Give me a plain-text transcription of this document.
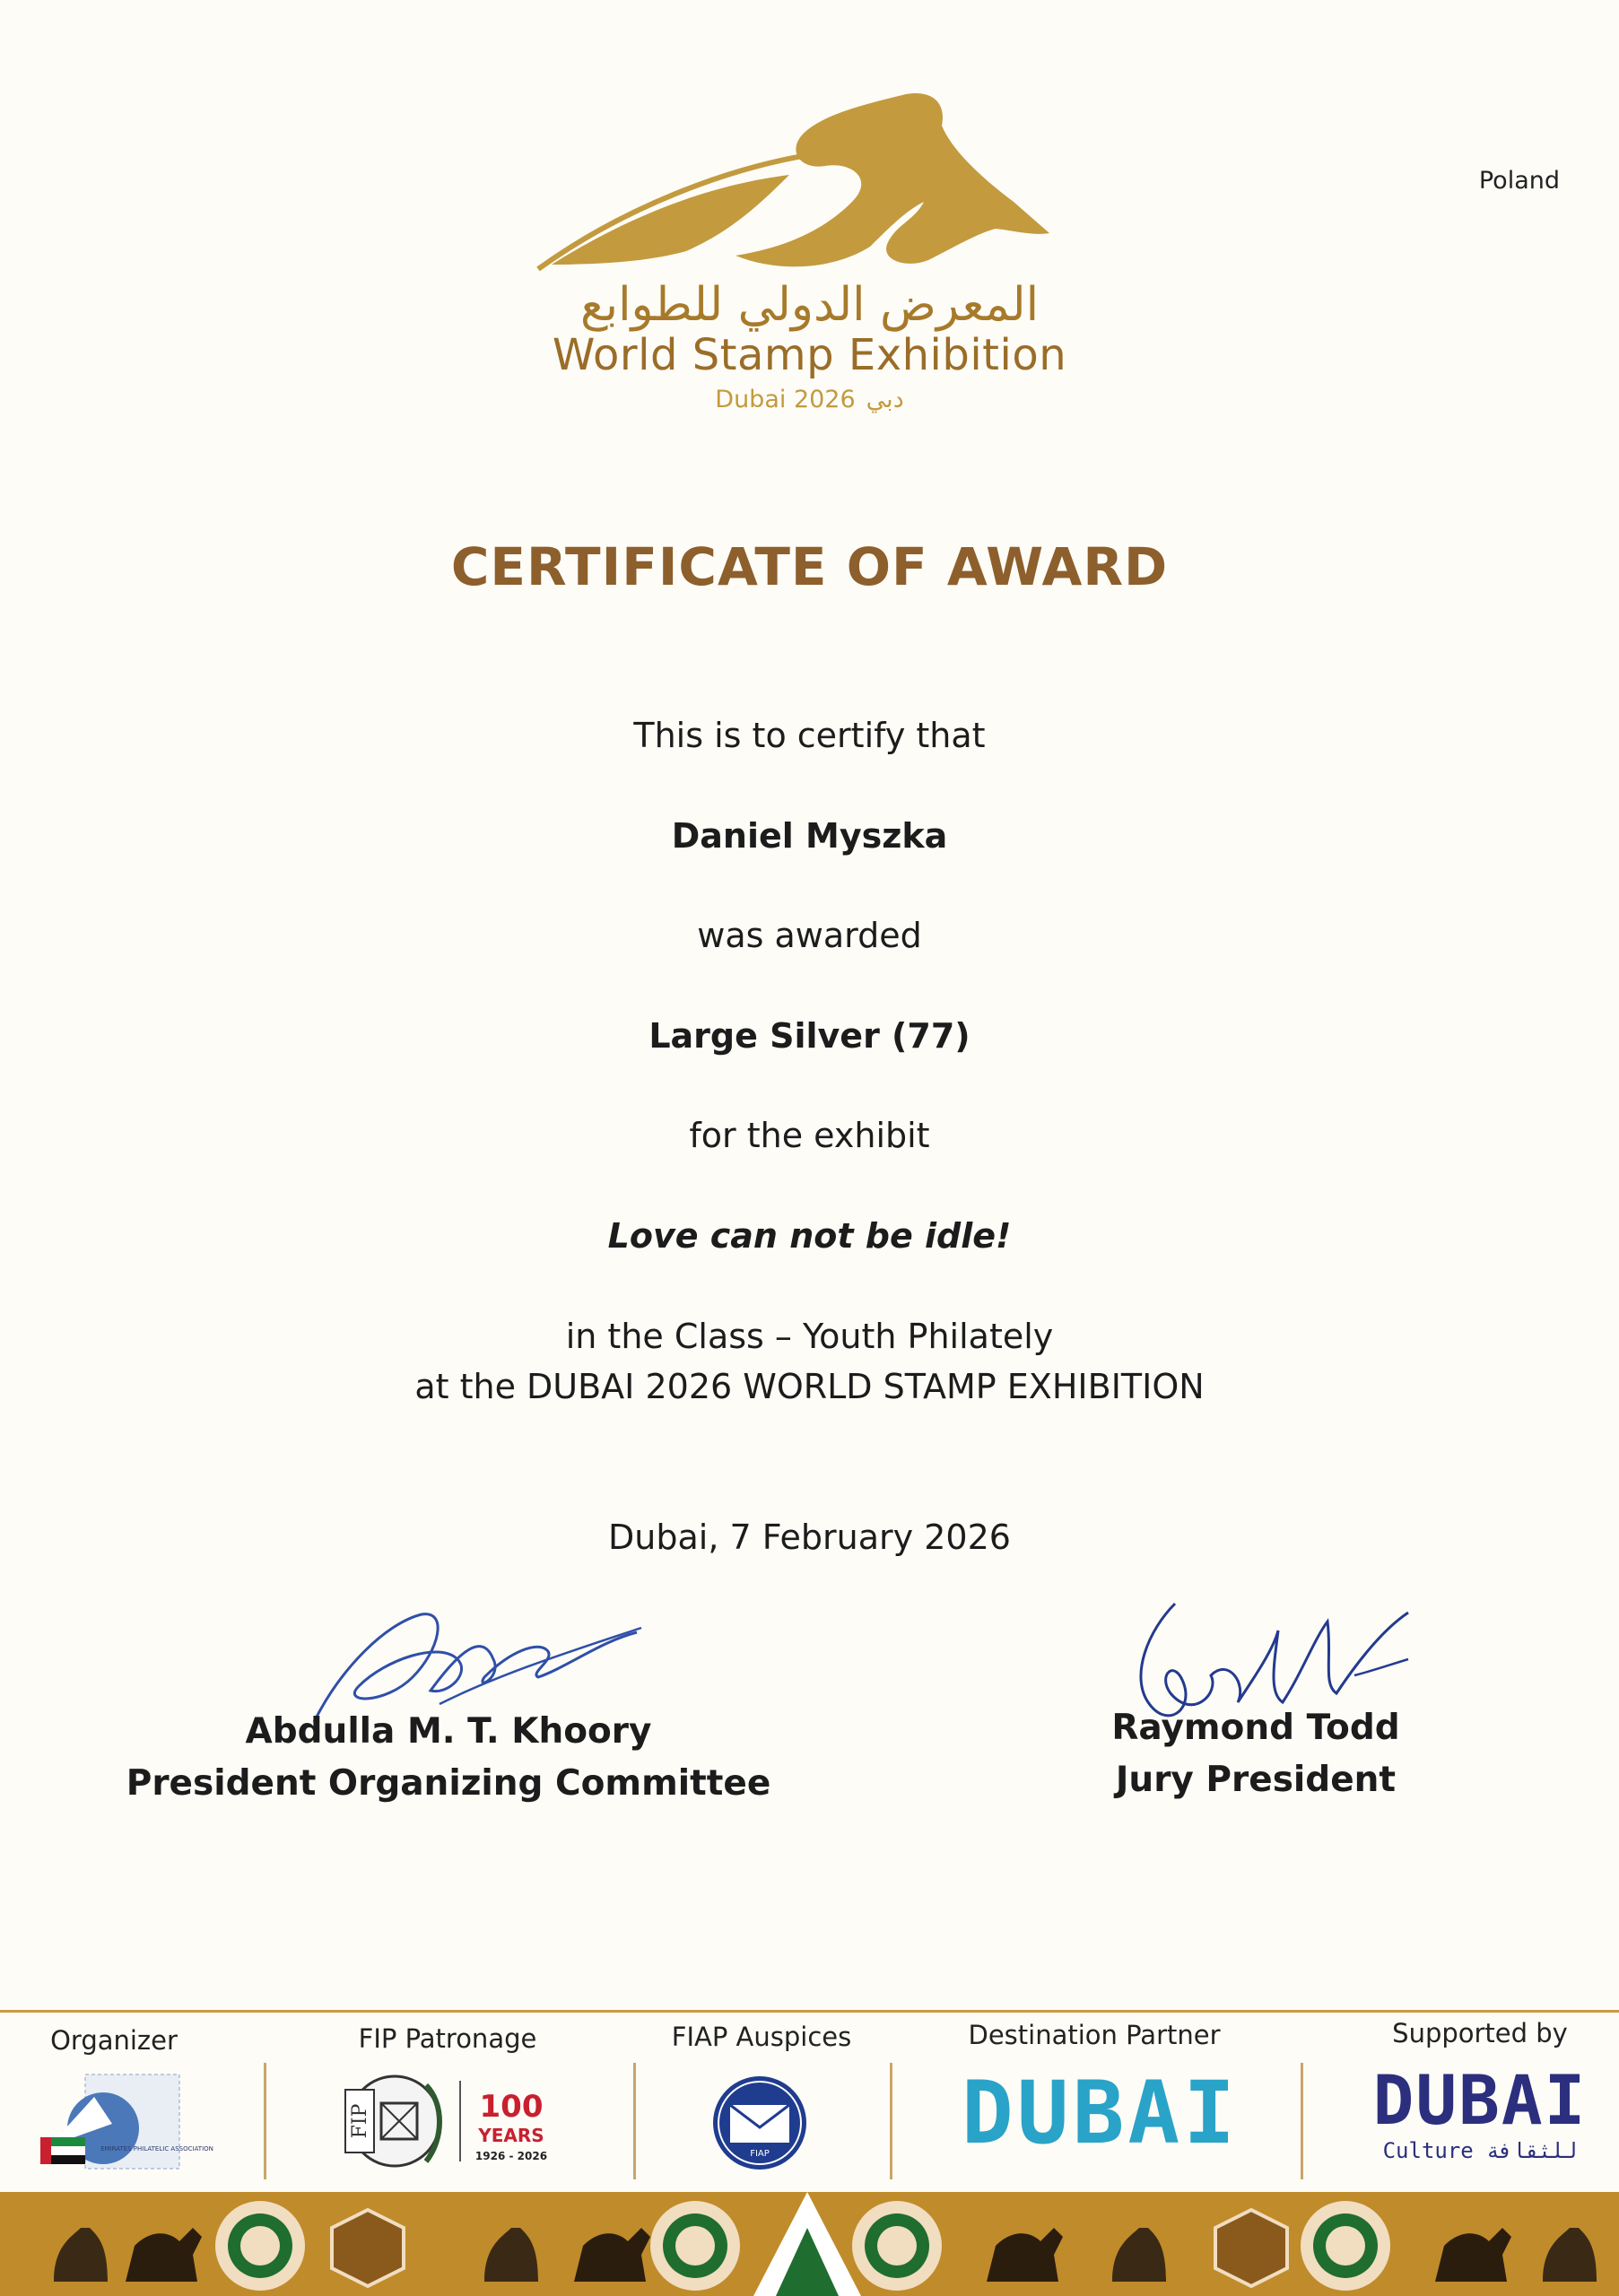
Poland
المعرض الدولي للطوابع
World Stamp Exhibition
Dubai 2026 دبي
CERTIFICATE OF AWARD
This is to certify that
Daniel Myszka
was awarded
Large Silver (77)
for the exhibit
Love can not be idle!
in the Class – Youth Philately
at the DUBAI 2026 WORLD STAMP EXHIBITION
Dubai, 7 February 2026
Abdulla M. T. Khoory
President Organizing Committee
Raymond Todd
Jury President
Organizer	FIP Patronage	FIAP Auspices	Destination Partner	Supported by
EMIRATES PHILATELIC ASSOCIATION
FIP	100
YEARS
1926 - 2026	FIAP DUBAI DUBAI
Culture للثقافة
